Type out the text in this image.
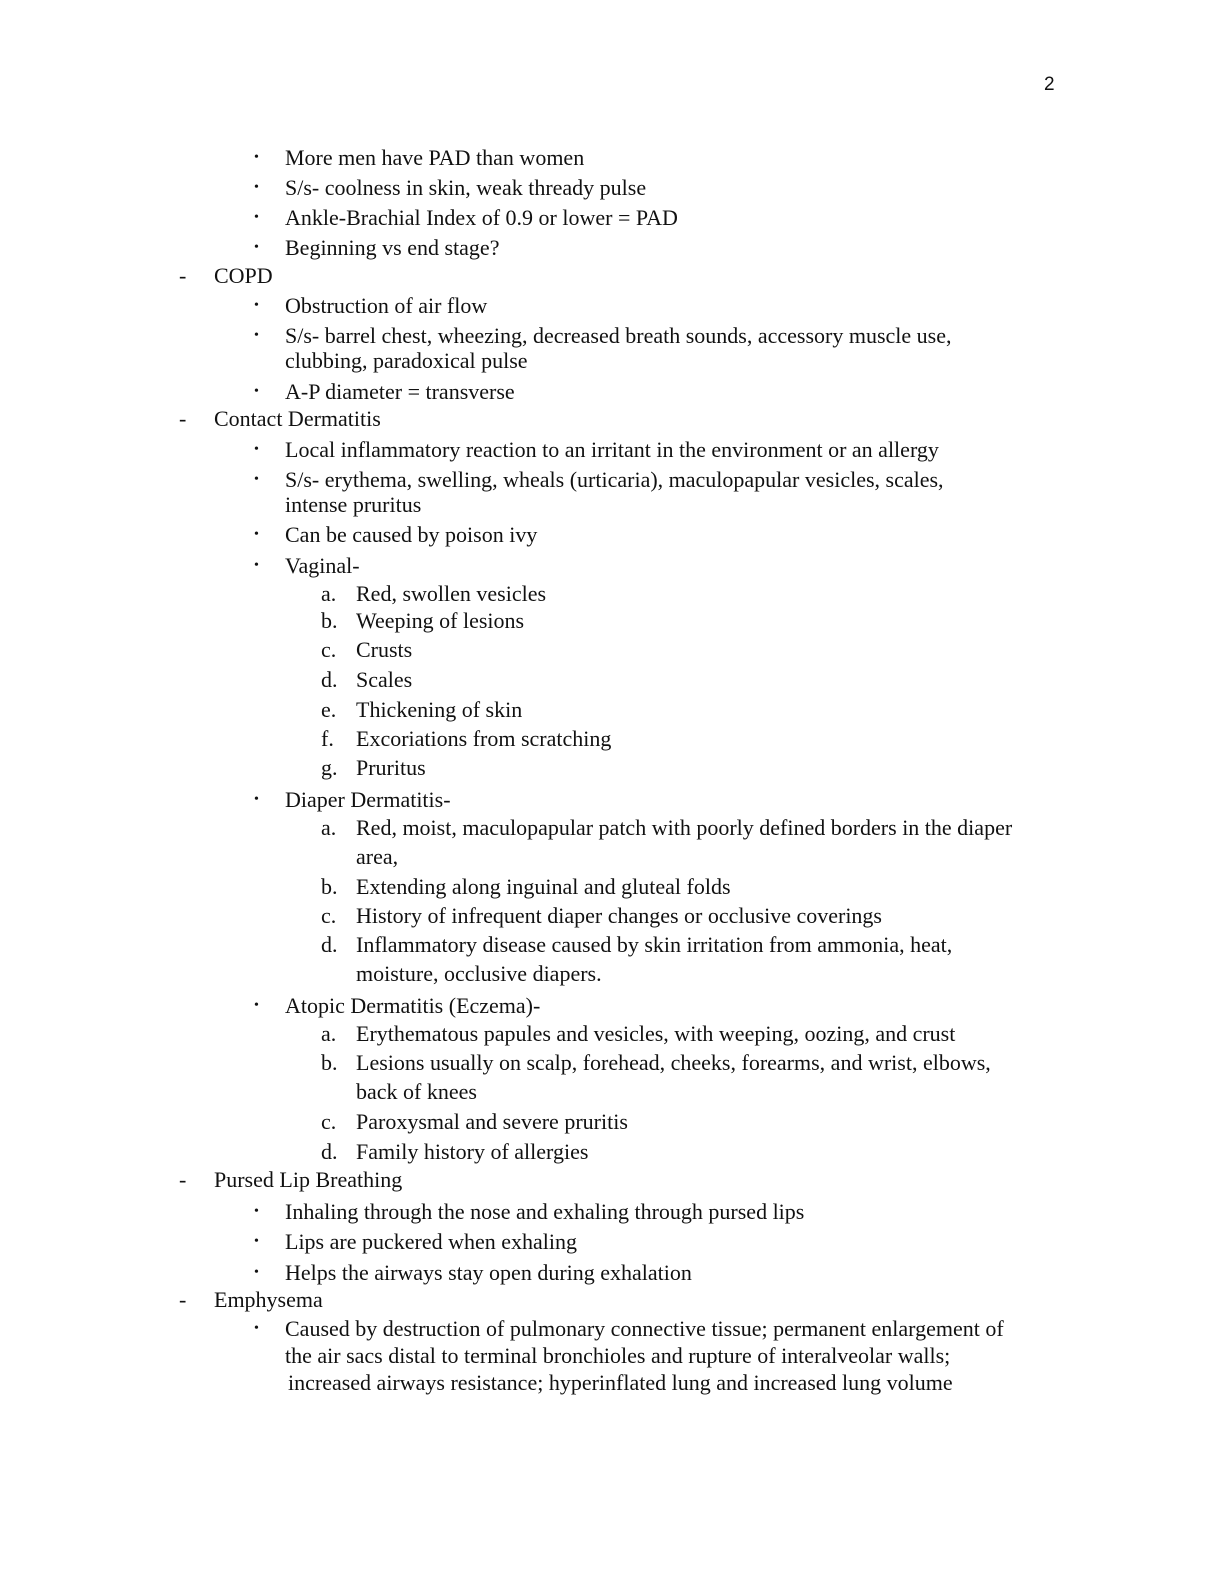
2
• More men have PAD than women
• S/s- coolness in skin, weak thready pulse
• Ankle-Brachial Index of 0.9 or lower = PAD
• Beginning vs end stage?
- COPD
• Obstruction of air flow
• S/s- barrel chest, wheezing, decreased breath sounds, accessory muscle use,
clubbing, paradoxical pulse
• A-P diameter = transverse
- Contact Dermatitis
• Local inflammatory reaction to an irritant in the environment or an allergy
• S/s- erythema, swelling, wheals (urticaria), maculopapular vesicles, scales,
intense pruritus
• Can be caused by poison ivy
• Vaginal-
a. Red, swollen vesicles
b. Weeping of lesions
c. Crusts
d. Scales
e. Thickening of skin
f. Excoriations from scratching
g. Pruritus
• Diaper Dermatitis-
a. Red, moist, maculopapular patch with poorly defined borders in the diaper
area,
b. Extending along inguinal and gluteal folds
c. History of infrequent diaper changes or occlusive coverings
d. Inflammatory disease caused by skin irritation from ammonia, heat,
moisture, occlusive diapers.
• Atopic Dermatitis (Eczema)-
a. Erythematous papules and vesicles, with weeping, oozing, and crust
b. Lesions usually on scalp, forehead, cheeks, forearms, and wrist, elbows,
back of knees
c. Paroxysmal and severe pruritis
d. Family history of allergies
- Pursed Lip Breathing
• Inhaling through the nose and exhaling through pursed lips
• Lips are puckered when exhaling
• Helps the airways stay open during exhalation
- Emphysema
• Caused by destruction of pulmonary connective tissue; permanent enlargement of
the air sacs distal to terminal bronchioles and rupture of interalveolar walls;
increased airways resistance; hyperinflated lung and increased lung volume
